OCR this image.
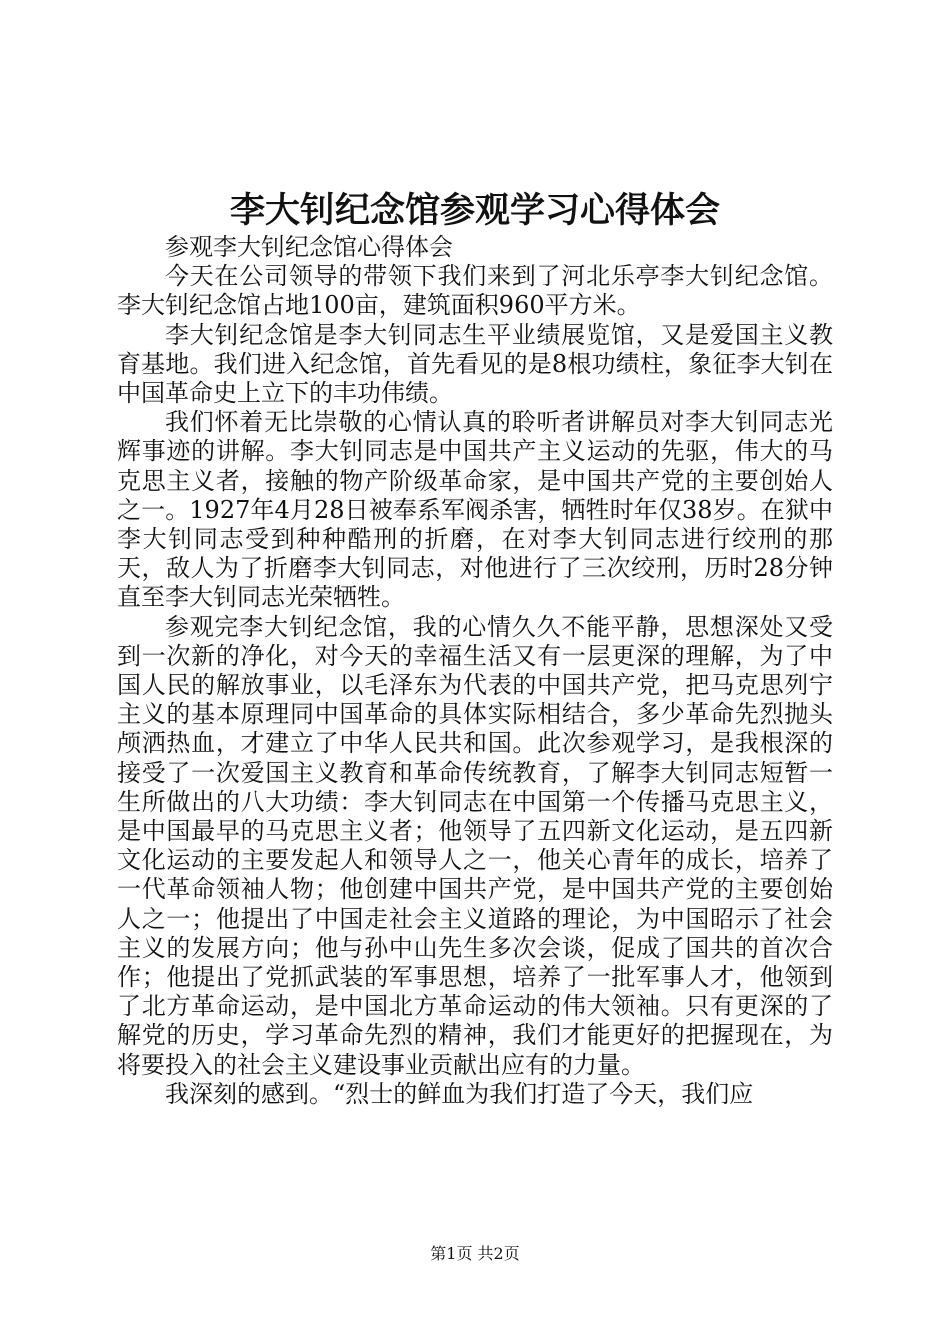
李大钊纪念馆参观学习心得体会

参观李大钊纪念馆心得体会

今天在公司领导的带领下我们来到了河北乐亭李大钊纪念馆。李大钊纪念馆占地100亩，建筑面积960平方米。

李大钊纪念馆是李大钊同志生平业绩展览馆，又是爱国主义教育基地。我们进入纪念馆，首先看见的是8根功绩柱，象征李大钊在中国革命史上立下的丰功伟绩。

我们怀着无比崇敬的心情认真的聆听者讲解员对李大钊同志光辉事迹的讲解。李大钊同志是中国共产主义运动的先驱，伟大的马克思主义者，接触的物产阶级革命家，是中国共产党的主要创始人之一。1927年4月28日被奉系军阀杀害，牺牲时年仅38岁。在狱中李大钊同志受到种种酷刑的折磨，在对李大钊同志进行绞刑的那天，敌人为了折磨李大钊同志，对他进行了三次绞刑，历时28分钟直至李大钊同志光荣牺牲。

参观完李大钊纪念馆，我的心情久久不能平静，思想深处又受到一次新的净化，对今天的幸福生活又有一层更深的理解，为了中国人民的解放事业，以毛泽东为代表的中国共产党，把马克思列宁主义的基本原理同中国革命的具体实际相结合，多少革命先烈抛头颅洒热血，才建立了中华人民共和国。此次参观学习，是我根深的接受了一次爱国主义教育和革命传统教育，了解李大钊同志短暂一生所做出的八大功绩：李大钊同志在中国第一个传播马克思主义，是中国最早的马克思主义者；他领导了五四新文化运动，是五四新文化运动的主要发起人和领导人之一，他关心青年的成长，培养了一代革命领袖人物；他创建中国共产党，是中国共产党的主要创始人之一；他提出了中国走社会主义道路的理论，为中国昭示了社会主义的发展方向；他与孙中山先生多次会谈，促成了国共的首次合作；他提出了党抓武装的军事思想，培养了一批军事人才，他领到了北方革命运动，是中国北方革命运动的伟大领袖。只有更深的了解党的历史，学习革命先烈的精神，我们才能更好的把握现在，为将要投入的社会主义建设事业贡献出应有的力量。

我深刻的感到。“烈士的鲜血为我们打造了今天，我们应

第1页 共2页
